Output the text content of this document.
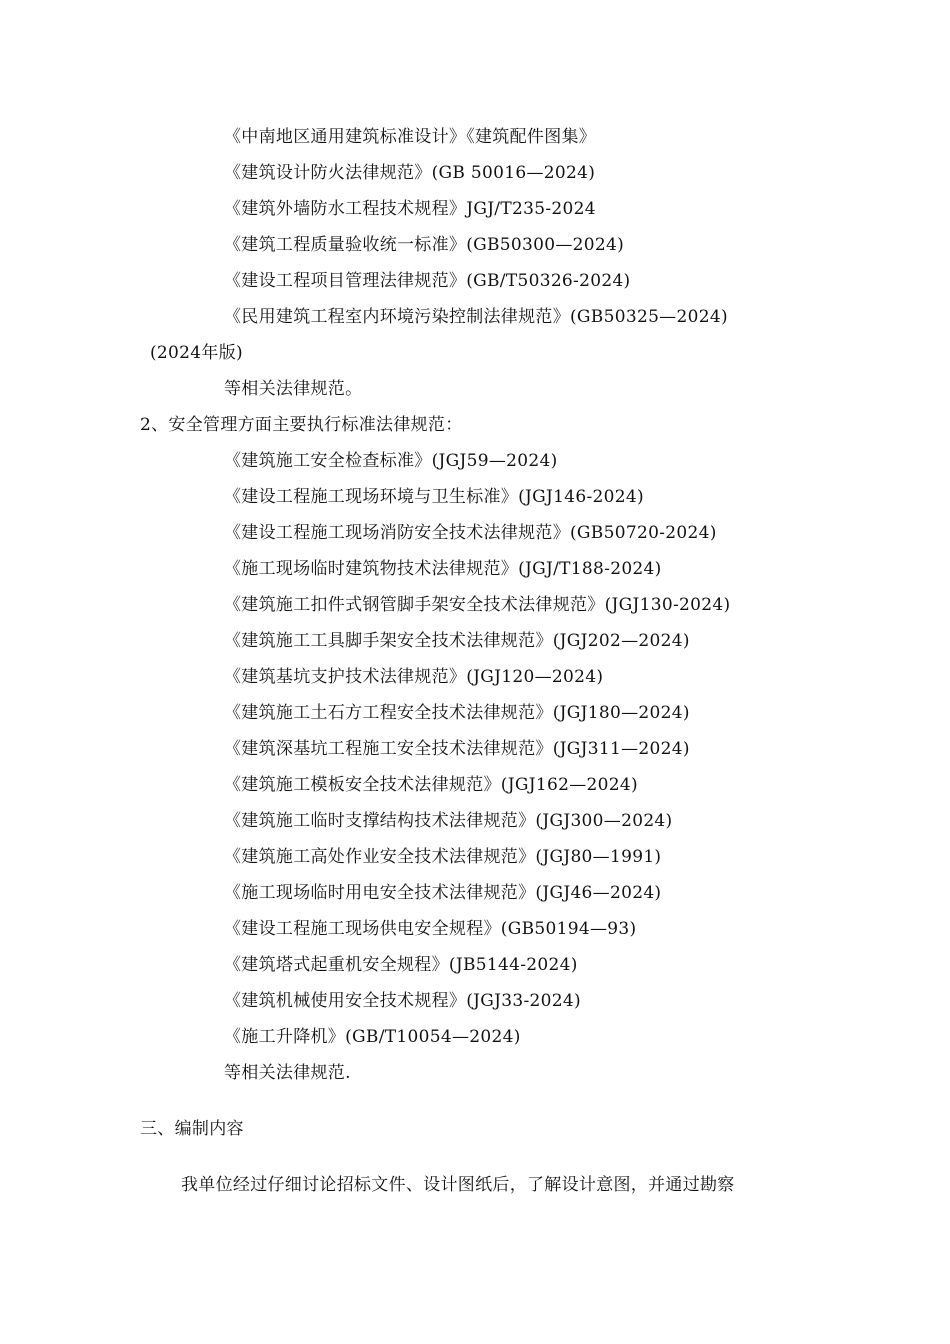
《中南地区通用建筑标准设计》《建筑配件图集》
《建筑设计防火法律规范》(GB 50016—2024)
《建筑外墙防水工程技术规程》JGJ/T235-2024
《建筑工程质量验收统一标准》(GB50300—2024)
《建设工程项目管理法律规范》(GB/T50326-2024)
《民用建筑工程室内环境污染控制法律规范》(GB50325—2024)
(2024年版)
等相关法律规范。
2、安全管理方面主要执行标准法律规范：
《建筑施工安全检查标准》(JGJ59—2024)
《建设工程施工现场环境与卫生标准》(JGJ146-2024)
《建设工程施工现场消防安全技术法律规范》(GB50720-2024)
《施工现场临时建筑物技术法律规范》(JGJ/T188-2024)
《建筑施工扣件式钢管脚手架安全技术法律规范》(JGJ130-2024)
《建筑施工工具脚手架安全技术法律规范》(JGJ202—2024)
《建筑基坑支护技术法律规范》(JGJ120—2024)
《建筑施工土石方工程安全技术法律规范》(JGJ180—2024)
《建筑深基坑工程施工安全技术法律规范》(JGJ311—2024)
《建筑施工模板安全技术法律规范》(JGJ162—2024)
《建筑施工临时支撑结构技术法律规范》(JGJ300—2024)
《建筑施工高处作业安全技术法律规范》(JGJ80—1991)
《施工现场临时用电安全技术法律规范》(JGJ46—2024)
《建设工程施工现场供电安全规程》(GB50194—93)
《建筑塔式起重机安全规程》(JB5144-2024)
《建筑机械使用安全技术规程》(JGJ33-2024)
《施工升降机》(GB/T10054—2024)
等相关法律规范.
三、编制内容
我单位经过仔细讨论招标文件、设计图纸后，了解设计意图，并通过勘察
